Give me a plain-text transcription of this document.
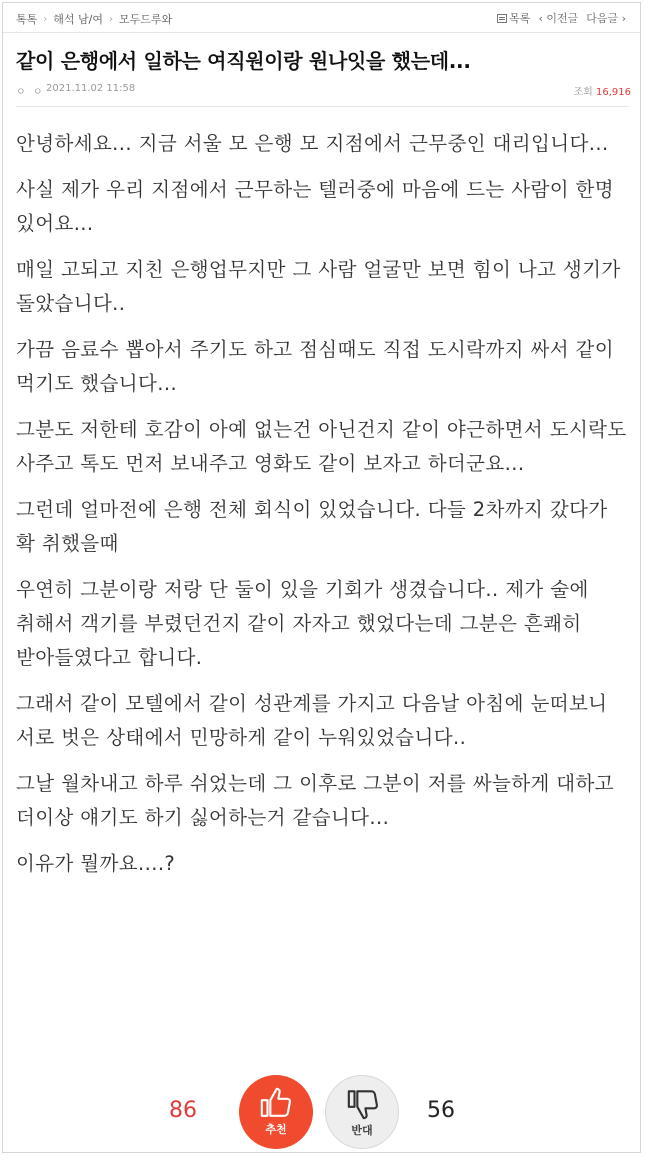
톡톡 › 해석 남/여 › 모두드루와	목록 ‹ 이전글 다음글 ›
같이 은행에서 일하는 여직원이랑 원나잇을 했는데...
ㅇ ㅇ 2021.11.02 11:58	조회 16,916

안녕하세요... 지금 서울 모 은행 모 지점에서 근무중인 대리입니다...

사실 제가 우리 지점에서 근무하는 텔러중에 마음에 드는 사람이 한명 있어요...

매일 고되고 지친 은행업무지만 그 사람 얼굴만 보면 힘이 나고 생기가 돌았습니다..

가끔 음료수 뽑아서 주기도 하고 점심때도 직접 도시락까지 싸서 같이 먹기도 했습니다...

그분도 저한테 호감이 아예 없는건 아닌건지 같이 야근하면서 도시락도 사주고 톡도 먼저 보내주고 영화도 같이 보자고 하더군요...

그런데 얼마전에 은행 전체 회식이 있었습니다. 다들 2차까지 갔다가 확 취했을때

우연히 그분이랑 저랑 단 둘이 있을 기회가 생겼습니다.. 제가 술에 취해서 객기를 부렸던건지 같이 자자고 했었다는데 그분은 흔쾌히 받아들였다고 합니다.

그래서 같이 모텔에서 같이 성관계를 가지고 다음날 아침에 눈떠보니 서로 벗은 상태에서 민망하게 같이 누워있었습니다..

그날 월차내고 하루 쉬었는데 그 이후로 그분이 저를 싸늘하게 대하고 더이상 얘기도 하기 싫어하는거 같습니다...

이유가 뭘까요....?

86
추천	반대
56
